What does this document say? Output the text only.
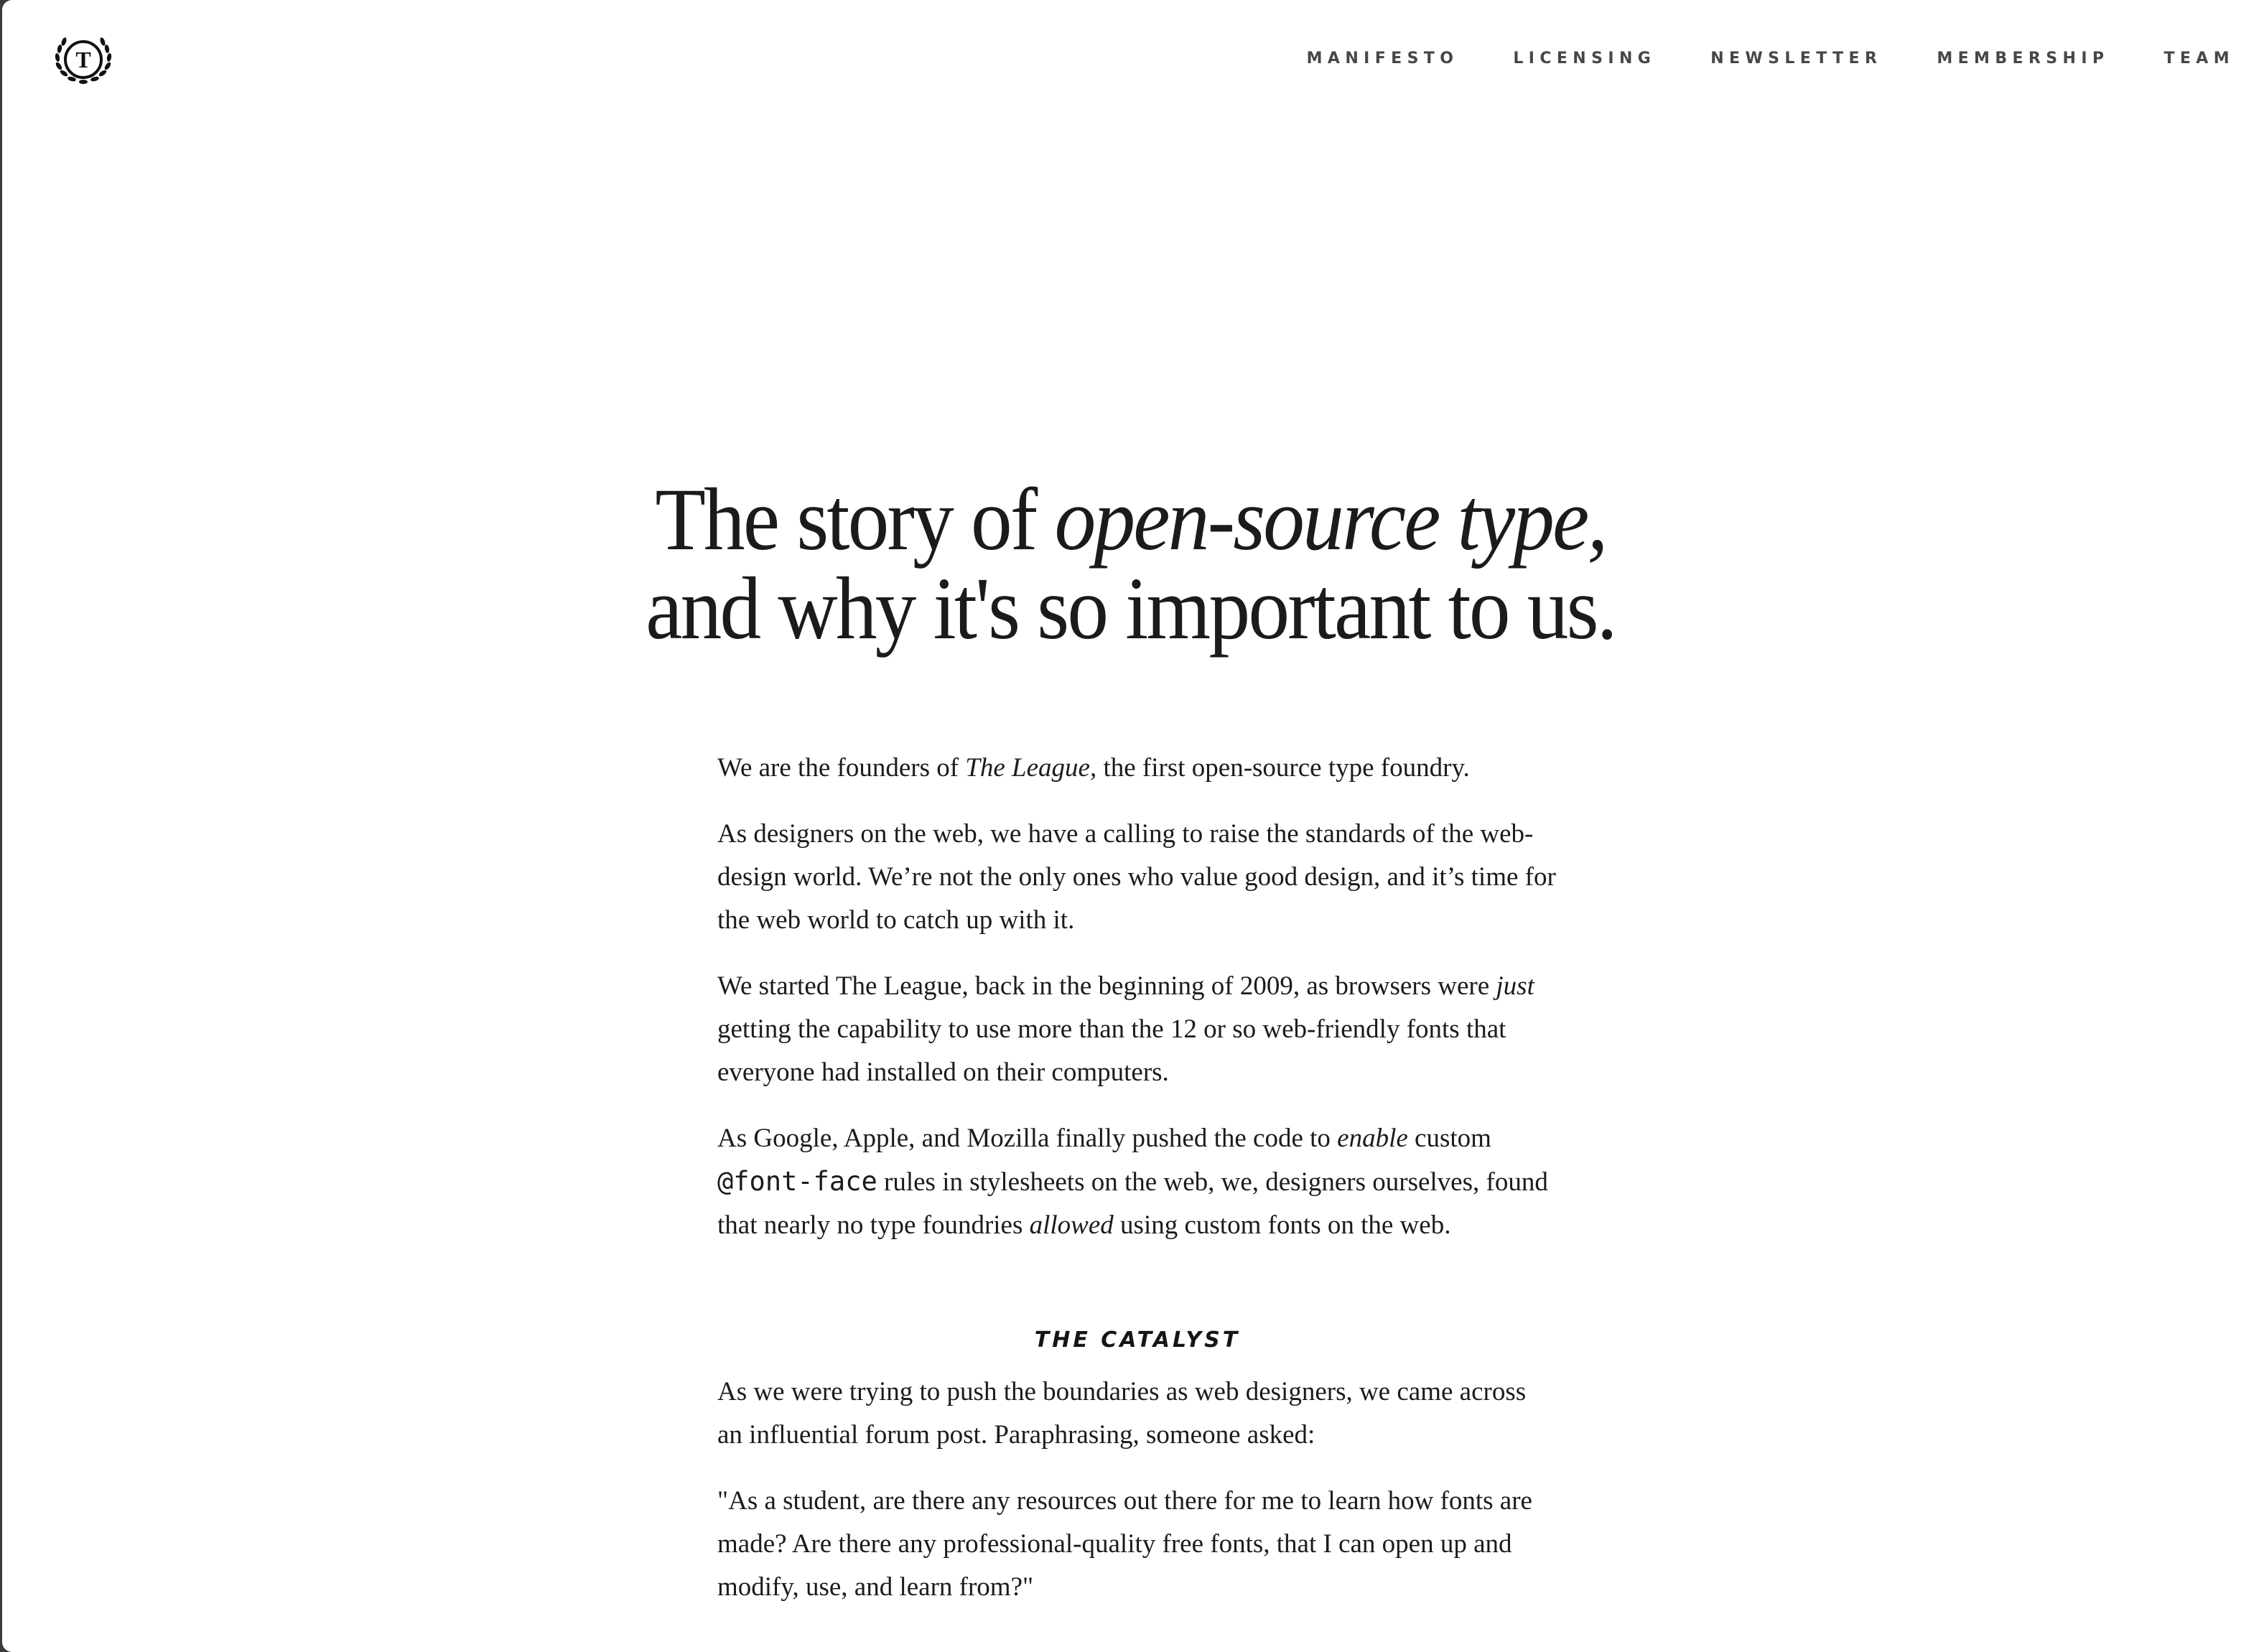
T	MANIFESTO	LICENSING	NEWSLETTER	MEMBERSHIP	TEAM
The story of open-source type,
and why it's so important to us.

We are the founders of The League, the first open-source type foundry.

As designers on the web, we have a calling to raise the standards of the web-design world. We’re not the only ones who value good design, and it’s time for the web world to catch up with it.

We started The League, back in the beginning of 2009, as browsers were just getting the capability to use more than the 12 or so web-friendly fonts that everyone had installed on their computers.

As Google, Apple, and Mozilla finally pushed the code to enable custom @font-face rules in stylesheets on the web, we, designers ourselves, found that nearly no type foundries allowed using custom fonts on the web.

THE CATALYST

As we were trying to push the boundaries as web designers, we came across an influential forum post. Paraphrasing, someone asked:

"As a student, are there any resources out there for me to learn how fonts are made? Are there any professional-quality free fonts, that I can open up and modify, use, and learn from?"
